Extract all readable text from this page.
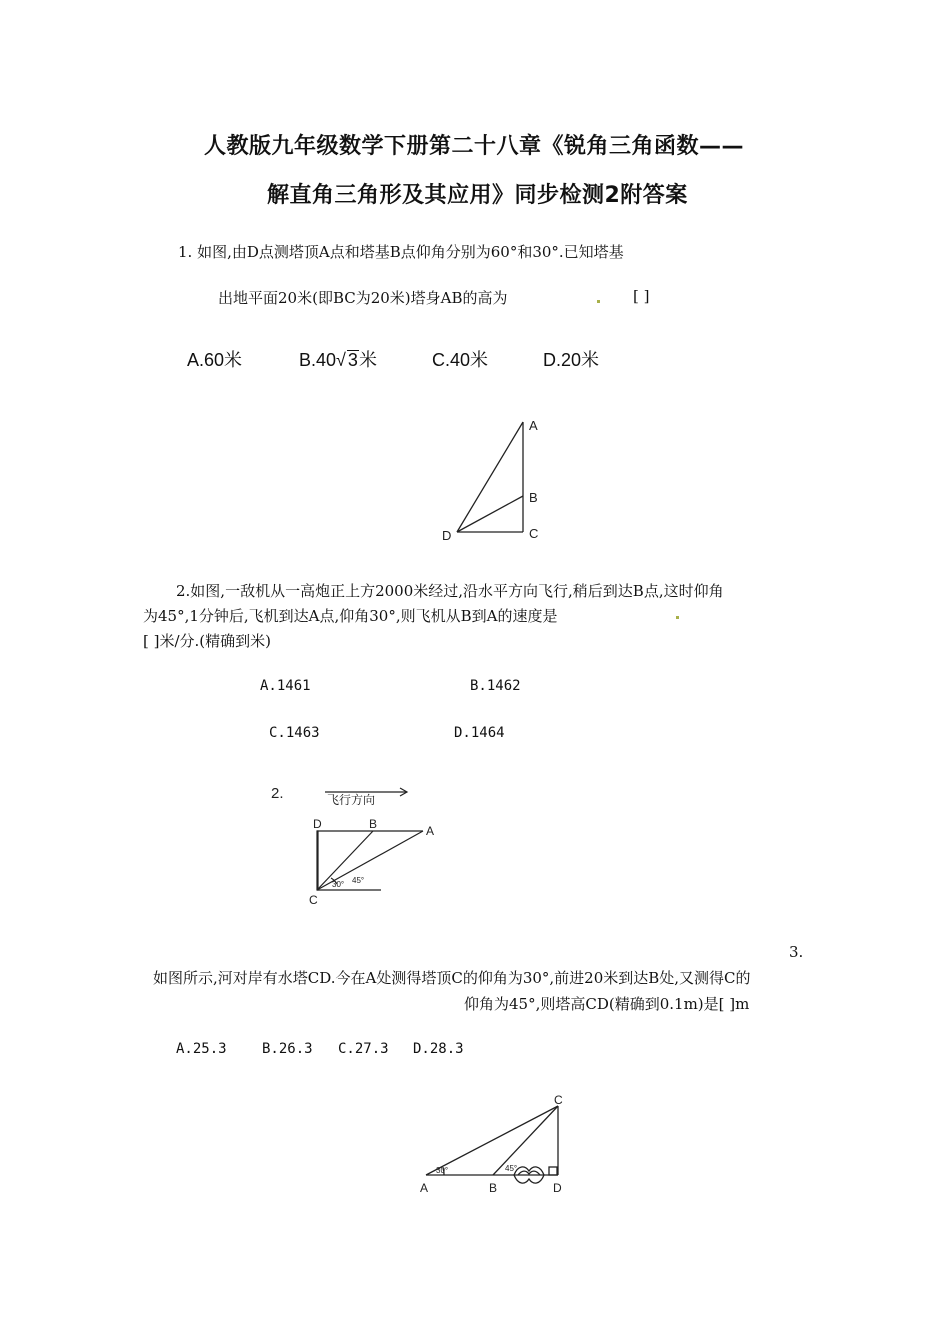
人教版九年级数学下册第二十八章《锐角三角函数——
解直角三角形及其应用》同步检测2附答案
1. 如图,由D点测塔顶A点和塔基B点仰角分别为60°和30°.已知塔基
出地平面20米(即BC为20米)塔身AB的高为	[ ]
A.60米	B.40√ 3米	C.40米	D.20米
A
B
C
D
2.如图,一敌机从一高炮正上方2000米经过,沿水平方向飞行,稍后到达B点,这时仰角
为45°,1分钟后,飞机到达A点,仰角30°,则飞机从B到A的速度是
[ ]米/分.(精确到米)
A.1461	B.1462
C.1463	D.1464
2.	飞行方向
D	B	A
C
30° 45°
3.
如图所示,河对岸有水塔CD.今在A处测得塔顶C的仰角为30°,前进20米到达B处,又测得C的
仰角为45°,则塔高CD(精确到0.1m)是[ ]m
A.25.3	B.26.3 C.27.3 D.28.3
C
A	B	D
30°	45°
